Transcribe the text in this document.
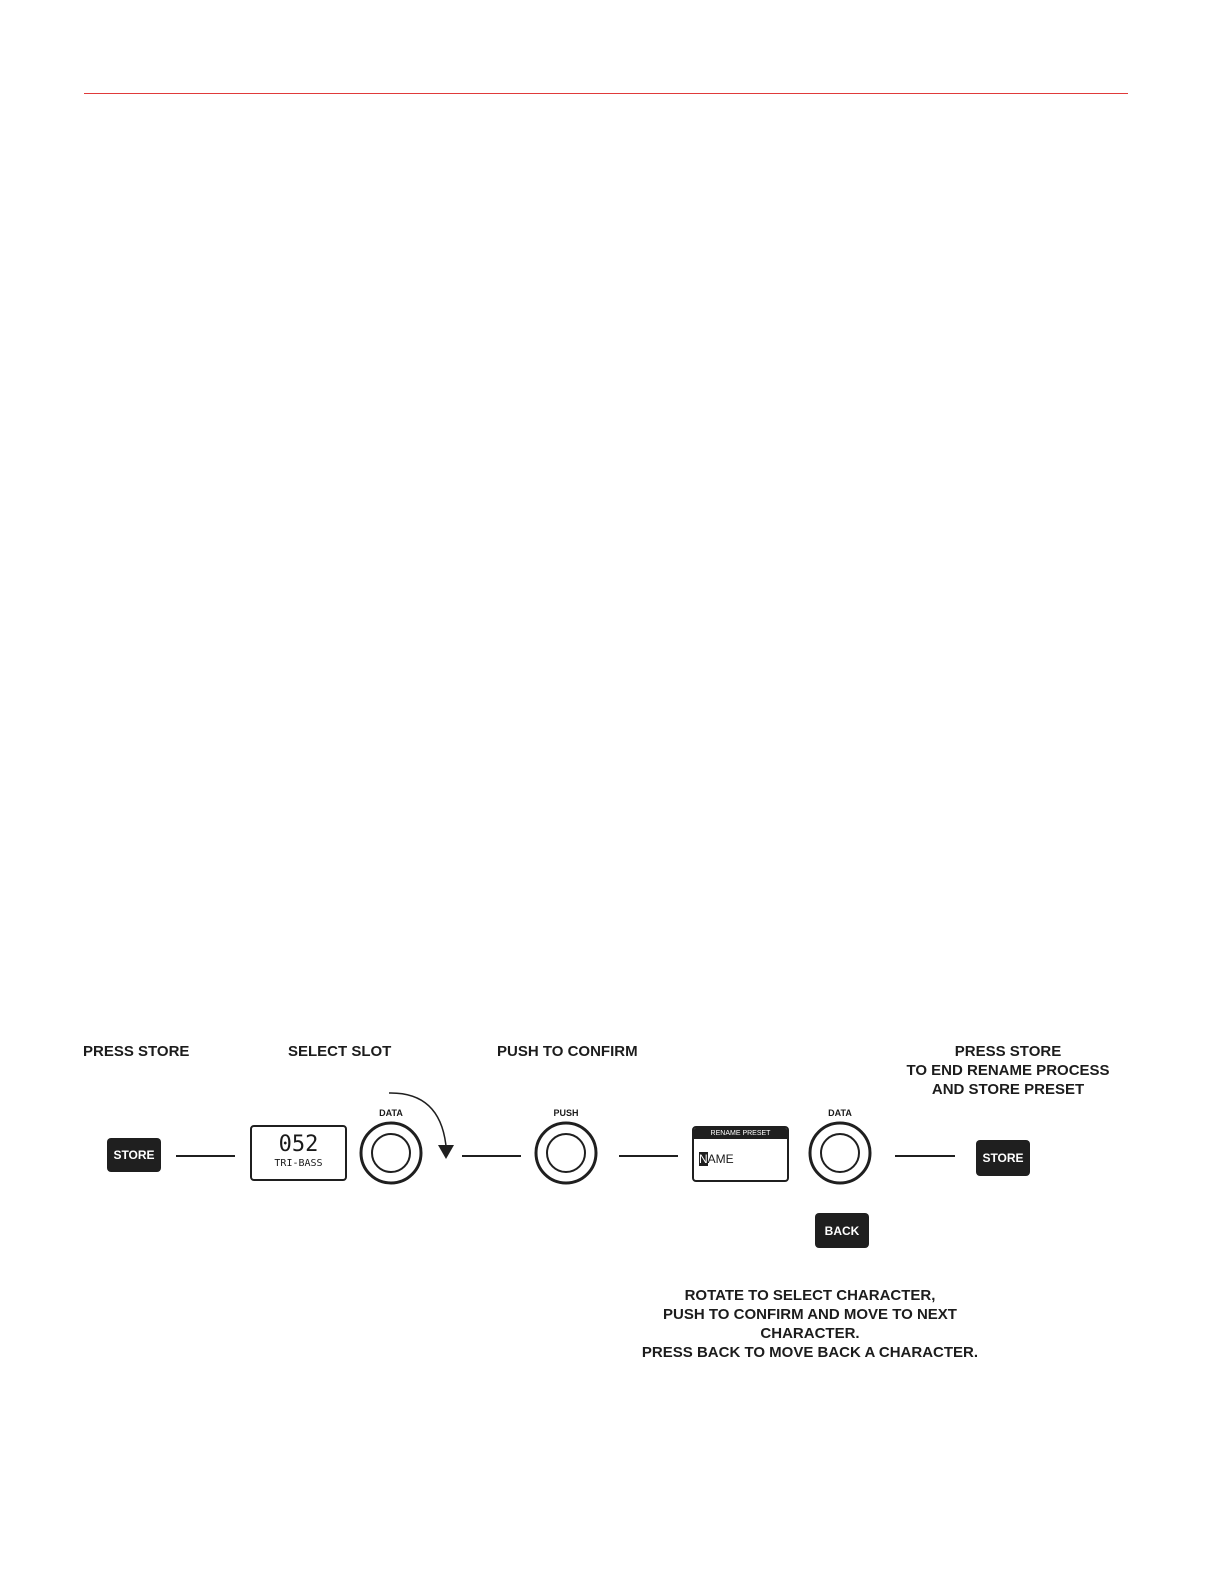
PRESS STORE	SELECT SLOT	PUSH TO CONFIRM	PRESS STORE
TO END RENAME PROCESS
AND STORE PRESET
STORE	052
TRI-BASS
DATA	PUSH	DATA
RENAME PRESET
NAME
BACK
STORE
ROTATE TO SELECT CHARACTER,
PUSH TO CONFIRM AND MOVE TO NEXT
CHARACTER.
PRESS BACK TO MOVE BACK A CHARACTER.
